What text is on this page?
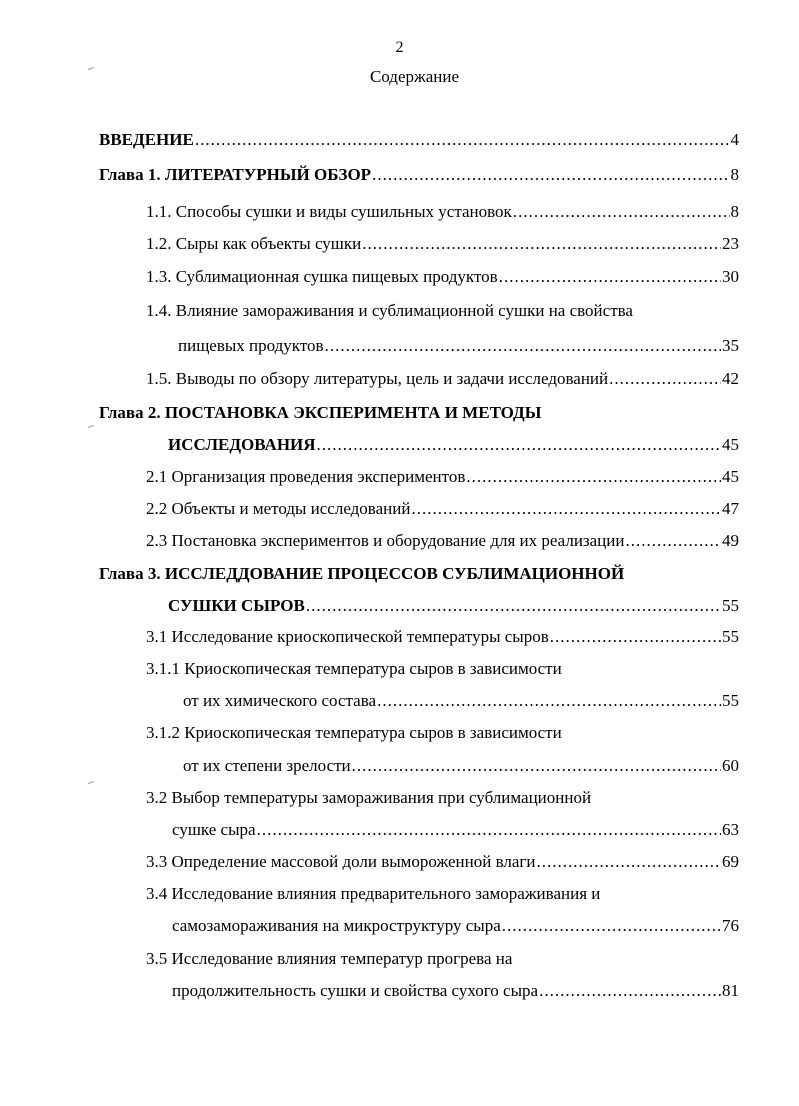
2
Содержание
ВВЕДЕНИЕ .....	4
Глава 1. ЛИТЕРАТУРНЫЙ ОБЗОР .....	8
1.1. Способы сушки и виды сушильных установок .....	8
1.2. Сыры как объекты сушки .....	23
1.3. Сублимационная сушка пищевых продуктов .....	30
1.4. Влияние замораживания и сублимационной сушки на свойства
пищевых продуктов .....	35
1.5. Выводы по обзору литературы, цель и задачи исследований .....	42
Глава 2. ПОСТАНОВКА ЭКСПЕРИМЕНТА И МЕТОДЫ
ИССЛЕДОВАНИЯ .....	45
2.1 Организация проведения экспериментов .....	45
2.2 Объекты и методы исследований .....	47
2.3 Постановка экспериментов и оборудование для их реализации .....	49
Глава 3. ИССЛЕДДОВАНИЕ ПРОЦЕССОВ СУБЛИМАЦИОННОЙ
СУШКИ СЫРОВ .....	55
3.1 Исследование криоскопической температуры сыров .....	55
3.1.1 Криоскопическая температура сыров в зависимости
от их химического состава .....	55
3.1.2 Криоскопическая температура сыров в зависимости
от их степени зрелости .....	60
3.2 Выбор температуры замораживания при сублимационной
сушке сыра .....	63
3.3 Определение массовой доли вымороженной влаги .....	69
3.4 Исследование влияния предварительного замораживания и
самозамораживания на микроструктуру сыра .....	76
3.5 Исследование влияния температур прогрева на
продолжительность сушки и свойства сухого сыра .....	81
